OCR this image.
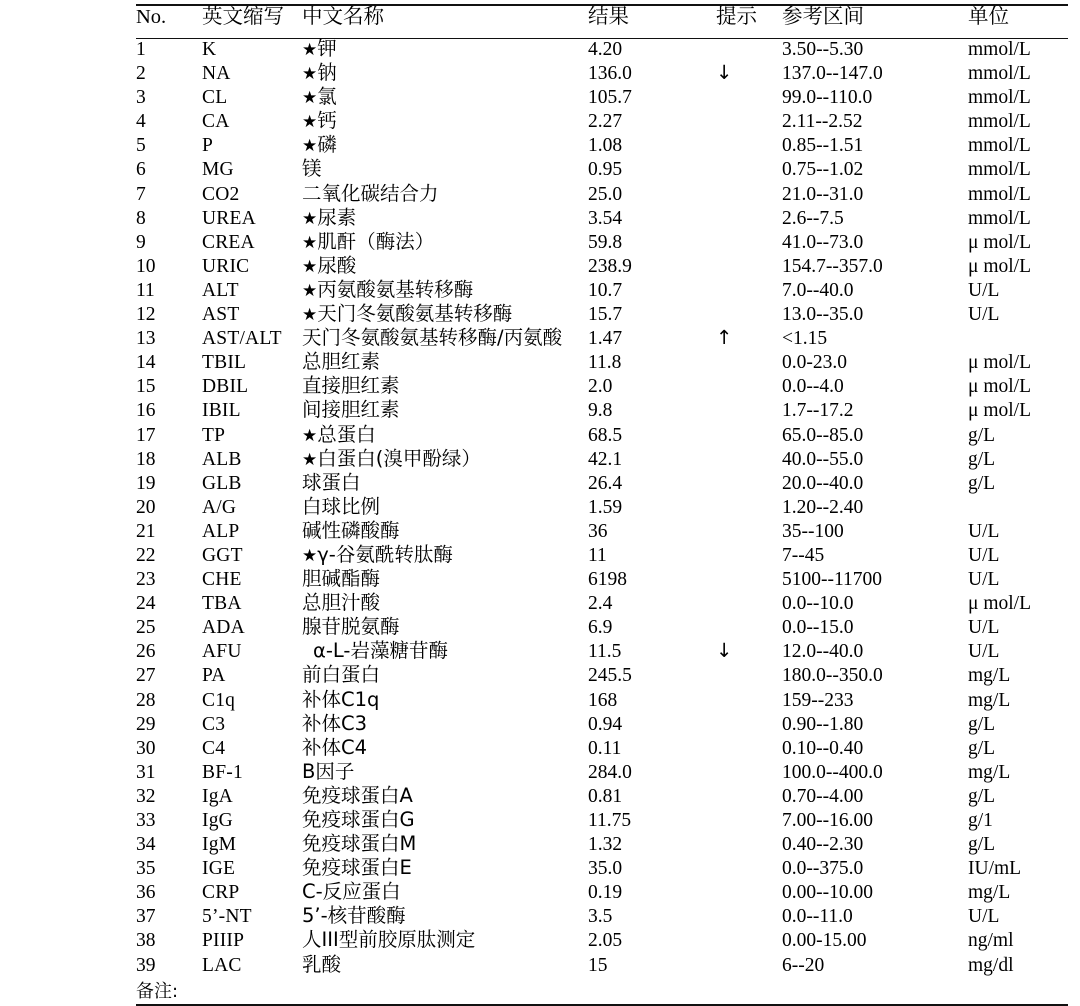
No.	英文缩写	中文名称	结果	提示	参考区间	单位
1	K	★钾	4.20		3.50--5.30	mmol/L
2	NA	★钠	136.0	↓	137.0--147.0	mmol/L
3	CL	★氯	105.7		99.0--110.0	mmol/L
4	CA	★钙	2.27		2.11--2.52	mmol/L
5	P	★磷	1.08		0.85--1.51	mmol/L
6	MG	镁	0.95		0.75--1.02	mmol/L
7	CO2	二氧化碳结合力	25.0		21.0--31.0	mmol/L
8	UREA	★尿素	3.54		2.6--7.5	mmol/L
9	CREA	★肌酐（酶法）	59.8		41.0--73.0	μ mol/L
10	URIC	★尿酸	238.9		154.7--357.0	μ mol/L
11	ALT	★丙氨酸氨基转移酶	10.7		7.0--40.0	U/L
12	AST	★天门冬氨酸氨基转移酶	15.7		13.0--35.0	U/L
13	AST/ALT	天门冬氨酸氨基转移酶/丙氨酸	1.47	↑	<1.15	
14	TBIL	总胆红素	11.8		0.0-23.0	μ mol/L
15	DBIL	直接胆红素	2.0		0.0--4.0	μ mol/L
16	IBIL	间接胆红素	9.8		1.7--17.2	μ mol/L
17	TP	★总蛋白	68.5		65.0--85.0	g/L
18	ALB	★白蛋白(溴甲酚绿）	42.1		40.0--55.0	g/L
19	GLB	球蛋白	26.4		20.0--40.0	g/L
20	A/G	白球比例	1.59		1.20--2.40	
21	ALP	碱性磷酸酶	36		35--100	U/L
22	GGT	★γ-谷氨酰转肽酶	11		7--45	U/L
23	CHE	胆碱酯酶	6198		5100--11700	U/L
24	TBA	总胆汁酸	2.4		0.0--10.0	μ mol/L
25	ADA	腺苷脱氨酶	6.9		0.0--15.0	U/L
26	AFU	α-L-岩藻糖苷酶	11.5	↓	12.0--40.0	U/L
27	PA	前白蛋白	245.5		180.0--350.0	mg/L
28	C1q	补体C1q	168		159--233	mg/L
29	C3	补体C3	0.94		0.90--1.80	g/L
30	C4	补体C4	0.11		0.10--0.40	g/L
31	BF-1	B因子	284.0		100.0--400.0	mg/L
32	IgA	免疫球蛋白A	0.81		0.70--4.00	g/L
33	IgG	免疫球蛋白G	11.75		7.00--16.00	g/1
34	IgM	免疫球蛋白M	1.32		0.40--2.30	g/L
35	IGE	免疫球蛋白E	35.0		0.0--375.0	IU/mL
36	CRP	C-反应蛋白	0.19		0.00--10.00	mg/L
37	5’-NT	5’-核苷酸酶	3.5		0.0--11.0	U/L
38	PIIIP	人III型前胶原肽测定	2.05		0.00-15.00	ng/ml
39	LAC	乳酸	15		6--20	mg/dl
备注:
